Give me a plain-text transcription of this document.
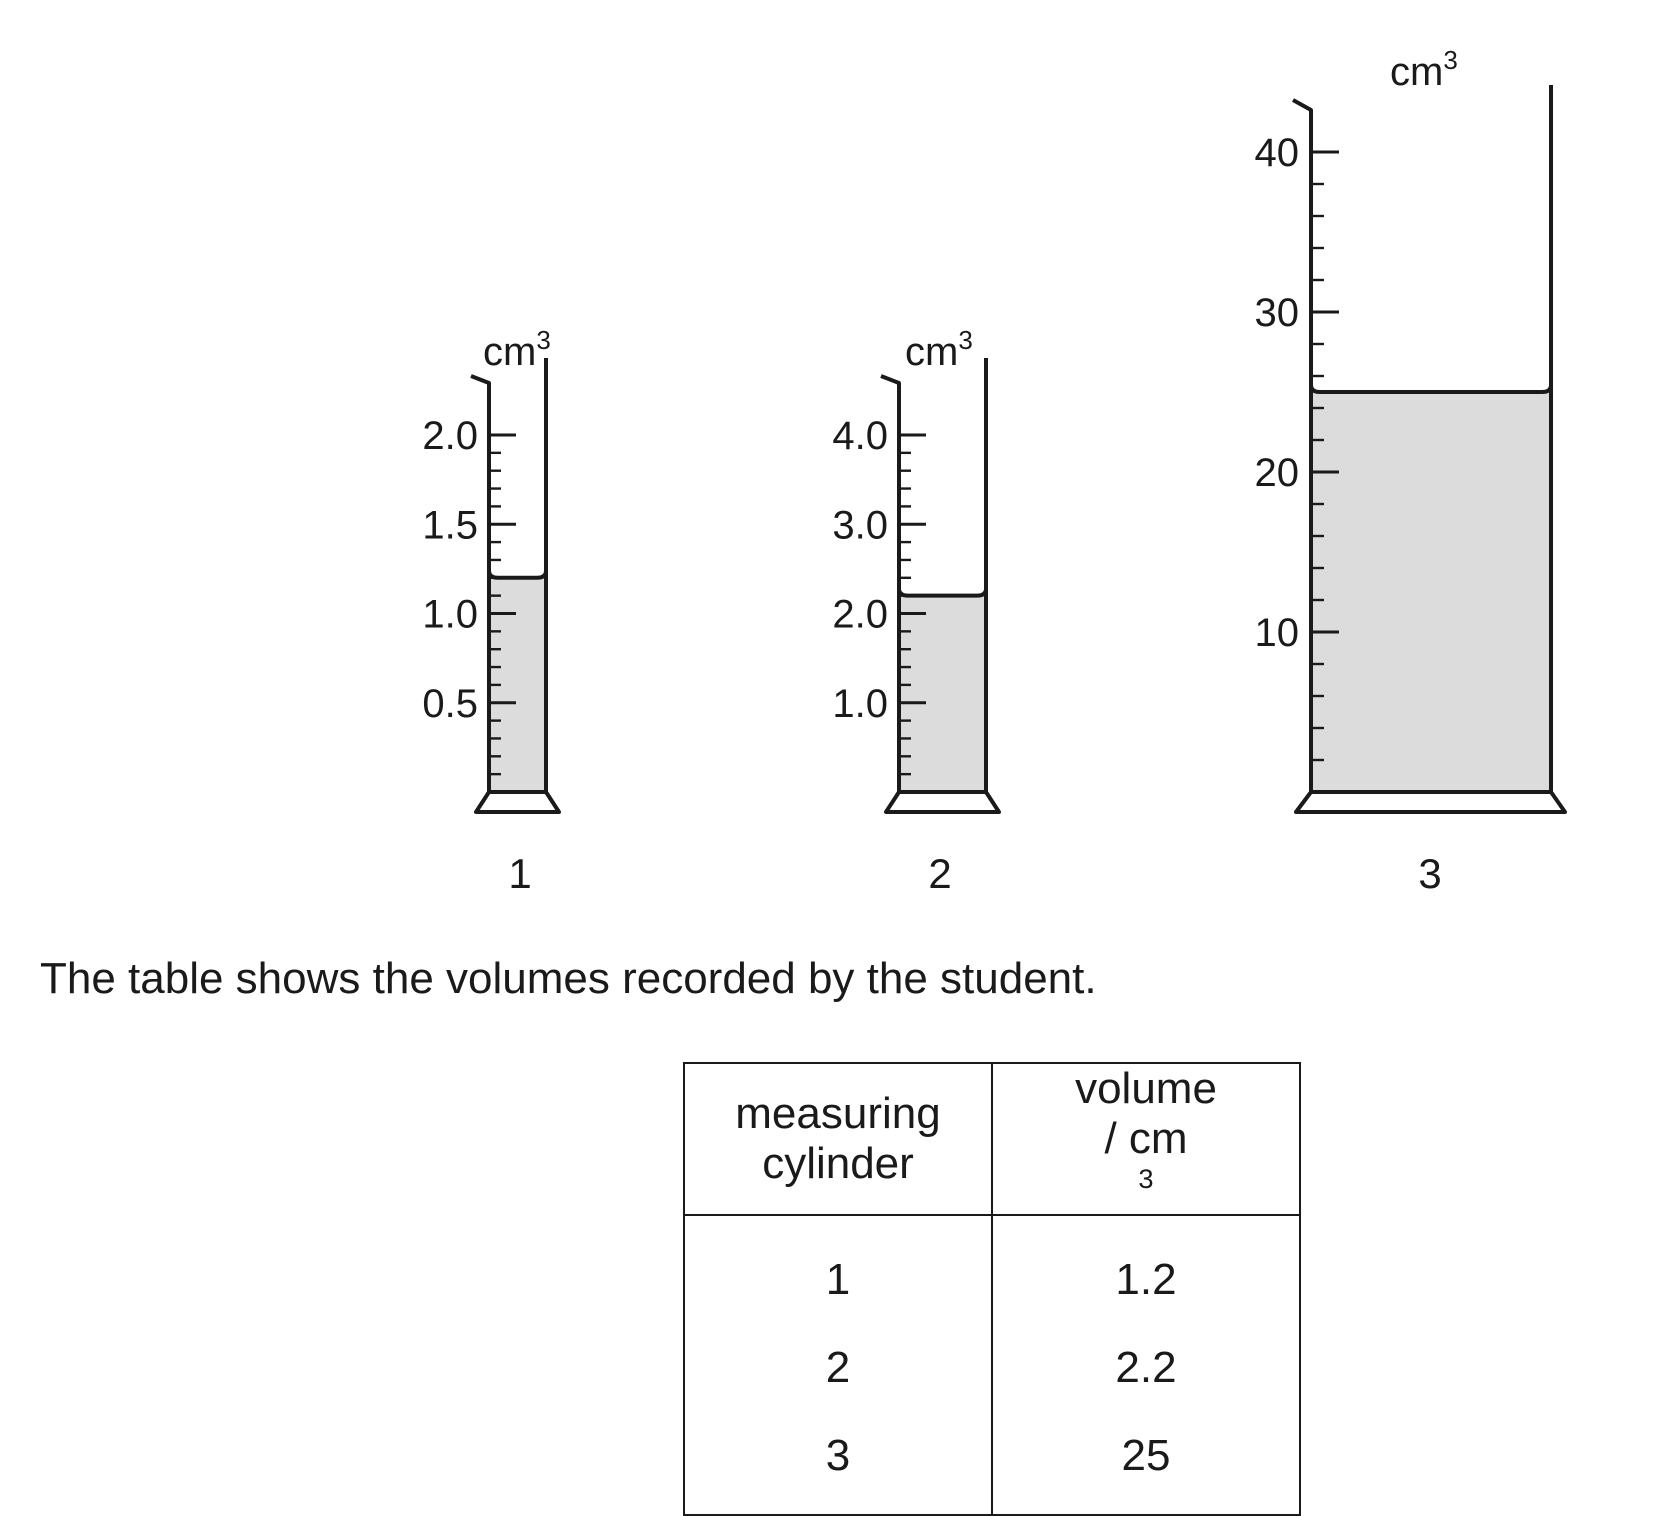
0.5
1.0
1.5
2.0
$cm^3$
1
1.0
2.0
3.0
4.0
$cm^3$
2
10
20
30
40
$cm^3$
3

The table shows the volumes recorded by the student.

measuring
cylinder	volume
/ cm
$^3$

1	1.2
2	2.2
3	25
